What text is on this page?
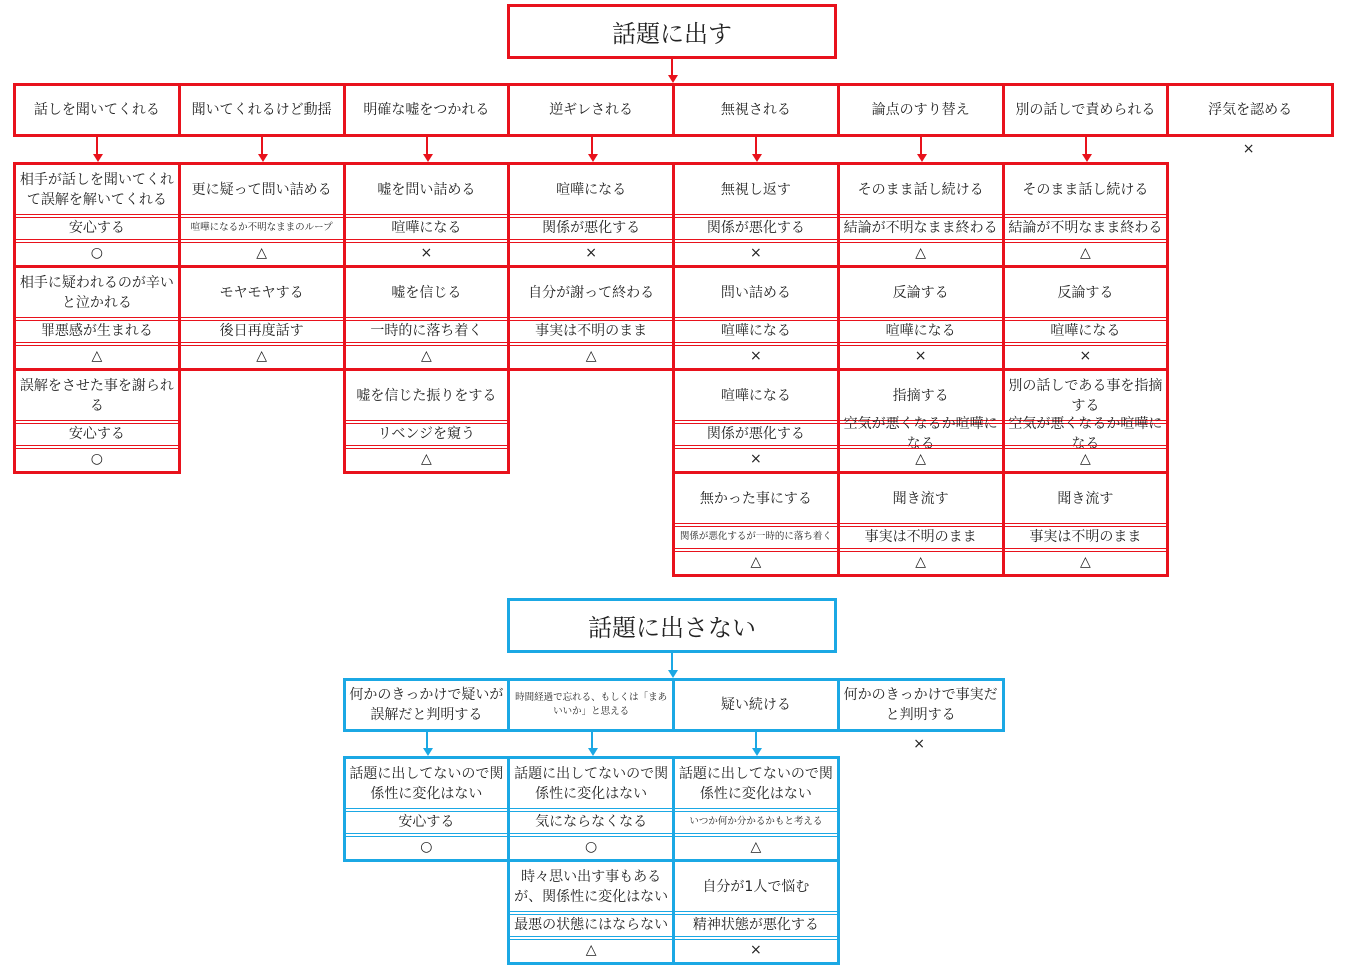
話題に出す
話しを聞いてくれる
相手が話しを聞いてくれて誤解を解いてくれる
安心する
○
相手に疑われるのが辛いと泣かれる
罪悪感が生まれる
△
誤解をさせた事を謝られる
安心する
○
聞いてくれるけど動揺
更に疑って問い詰める
喧嘩になるか不明なままのループ
△
モヤモヤする
後日再度話す
△
明確な嘘をつかれる
嘘を問い詰める
喧嘩になる
×
嘘を信じる
一時的に落ち着く
△
嘘を信じた振りをする
リベンジを窺う
△
逆ギレされる
喧嘩になる
関係が悪化する
×
自分が謝って終わる
事実は不明のまま
△
無視される
無視し返す
関係が悪化する
×
問い詰める
喧嘩になる
×
喧嘩になる
関係が悪化する
×
無かった事にする
関係が悪化するが一時的に落ち着く
△
論点のすり替え
そのまま話し続ける
結論が不明なまま終わる
△
反論する
喧嘩になる
×
指摘する
空気が悪くなるか喧嘩になる
△
聞き流す
事実は不明のまま
△
別の話しで責められる
そのまま話し続ける
結論が不明なまま終わる
△
反論する
喧嘩になる
×
別の話しである事を指摘する
空気が悪くなるか喧嘩になる
△
聞き流す
事実は不明のまま
△
浮気を認める
×
話題に出さない
何かのきっかけで疑いが誤解だと判明する
話題に出してないので関係性に変化はない
安心する
○
時間経過で忘れる、もしくは「まあいいか」と思える
話題に出してないので関係性に変化はない
気にならなくなる
○
時々思い出す事もあるが、関係性に変化はない
最悪の状態にはならない
△
疑い続ける
話題に出してないので関係性に変化はない
いつか何か分かるかもと考える
△
自分が1人で悩む
精神状態が悪化する
×
何かのきっかけで事実だと判明する
×
